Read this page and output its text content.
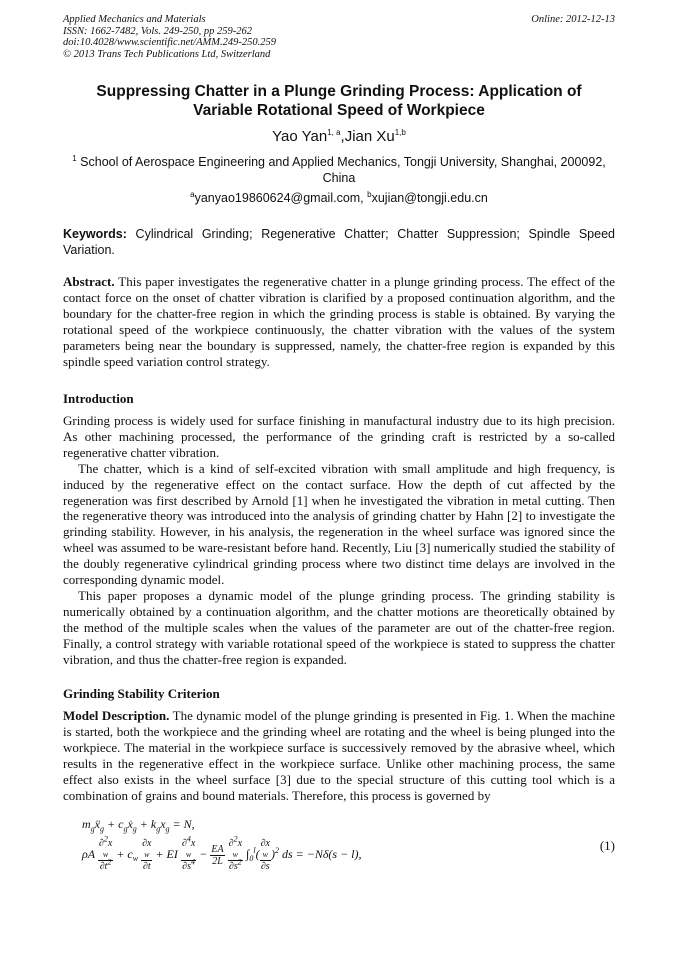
Applied Mechanics and Materials
ISSN: 1662-7482, Vols. 249-250, pp 259-262
doi:10.4028/www.scientific.net/AMM.249-250.259
© 2013 Trans Tech Publications Ltd, Switzerland
Online: 2012-12-13
Suppressing Chatter in a Plunge Grinding Process: Application of
Variable Rotational Speed of Workpiece
Yao Yan$^{1, a}$,Jian Xu$^{1,b}$
$^1$ School of Aerospace Engineering and Applied Mechanics, Tongji University, Shanghai, 200092, China
$^a$yanyao19860624@gmail.com, $^b$xujian@tongji.edu.cn
Keywords: Cylindrical Grinding; Regenerative Chatter; Chatter Suppression; Spindle Speed Variation.

Abstract. This paper investigates the regenerative chatter in a plunge grinding process. The effect of the contact force on the onset of chatter vibration is clarified by a proposed continuation algorithm, and the boundary for the chatter-free region in which the grinding process is stable is obtained. By varying the rotational speed of the workpiece continuously, the chatter vibration with the values of the system parameters being near the boundary is suppressed, namely, the chatter-free region is expanded by this spindle speed variation control strategy.

Introduction

Grinding process is widely used for surface finishing in manufactural industry due to its high precision. As other machining processed, the performance of the grinding craft is restricted by a so-called regenerative chatter vibration.

The chatter, which is a kind of self-excited vibration with small amplitude and high frequency, is induced by the regenerative effect on the contact surface. How the depth of cut affected by the regeneration was first described by Arnold [1] when he investigated the vibration in metal cutting. Then the regenerative theory was introduced into the analysis of grinding chatter by Hahn [2] to investigate the grinding stability. However, in his analysis, the regeneration in the wheel surface was ignored since the wheel was assumed to be ware-resistant before hand. Recently, Liu [3] numerically studied the stability of the doubly regenerative cylindrical grinding process where two distinct time delays are involved in the corresponding dynamic model.

This paper proposes a dynamic model of the plunge grinding process. The grinding stability is numerically obtained by a continuation algorithm, and the chatter motions are theoretically obtained by the method of the multiple scales when the values of the parameter are out of the chatter-free region. Finally, a control strategy with variable rotational speed of the workpiece is stated to suppress the chatter vibration, and thus the chatter-free region is expanded.

Grinding Stability Criterion

Model Description. The dynamic model of the plunge grinding is presented in Fig. 1. When the machine is started, both the workpiece and the grinding wheel are rotating and the wheel is being plunged into the workpiece. The material in the workpiece surface is successively removed by the abrasive wheel, which results in the regenerative effect in the workpiece surface. Unlike other machining process, the same effect also exists in the wheel surface [3] due to the special structure of this cutting tool which is a combination of grains and bound materials. Therefore, this process is governed by

$m_gẍ_g$ + $c_gẋ_g + k_gx_g = N$,
ρA ∂$^2$x
w
$\partial t^2 + c_w$ ∂x
w
∂t + EI ∂$^4$x
w
$\partial s^4 - \frac{EA}{2L}$
∂$^2$x
w
$\partial s^2$ $\int_0^l$( ∂x
w
∂s )$^2$ ds = −Nδ(s − l),
(1)
